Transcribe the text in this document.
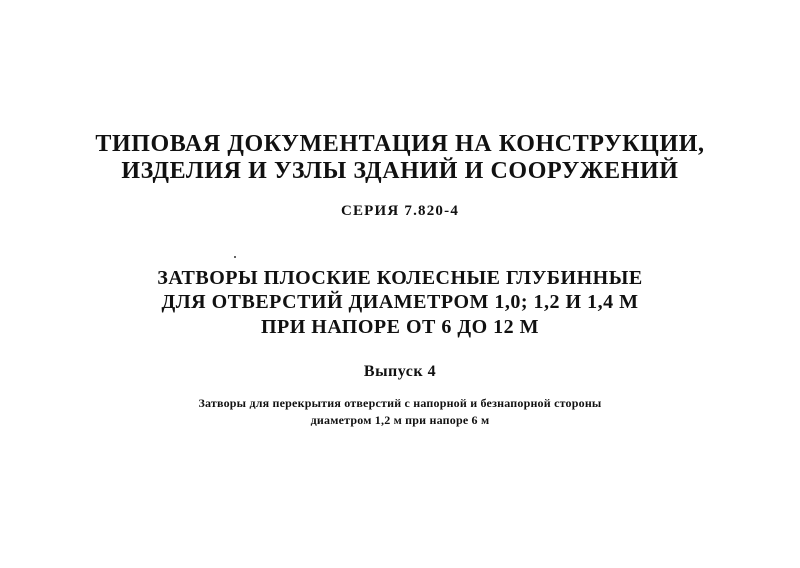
ТИПОВАЯ ДОКУМЕНТАЦИЯ НА КОНСТРУКЦИИ,

ИЗДЕЛИЯ И УЗЛЫ ЗДАНИЙ И СООРУЖЕНИЙ

СЕРИЯ 7.820-4

ЗАТВОРЫ ПЛОСКИЕ КОЛЕСНЫЕ ГЛУБИННЫЕ

ДЛЯ ОТВЕРСТИЙ ДИАМЕТРОМ 1,0; 1,2 И 1,4 М

ПРИ НАПОРЕ ОТ 6 ДО 12 М

Выпуск 4

Затворы для перекрытия отверстий с напорной и безнапорной стороны

диаметром 1,2 м при напоре 6 м
